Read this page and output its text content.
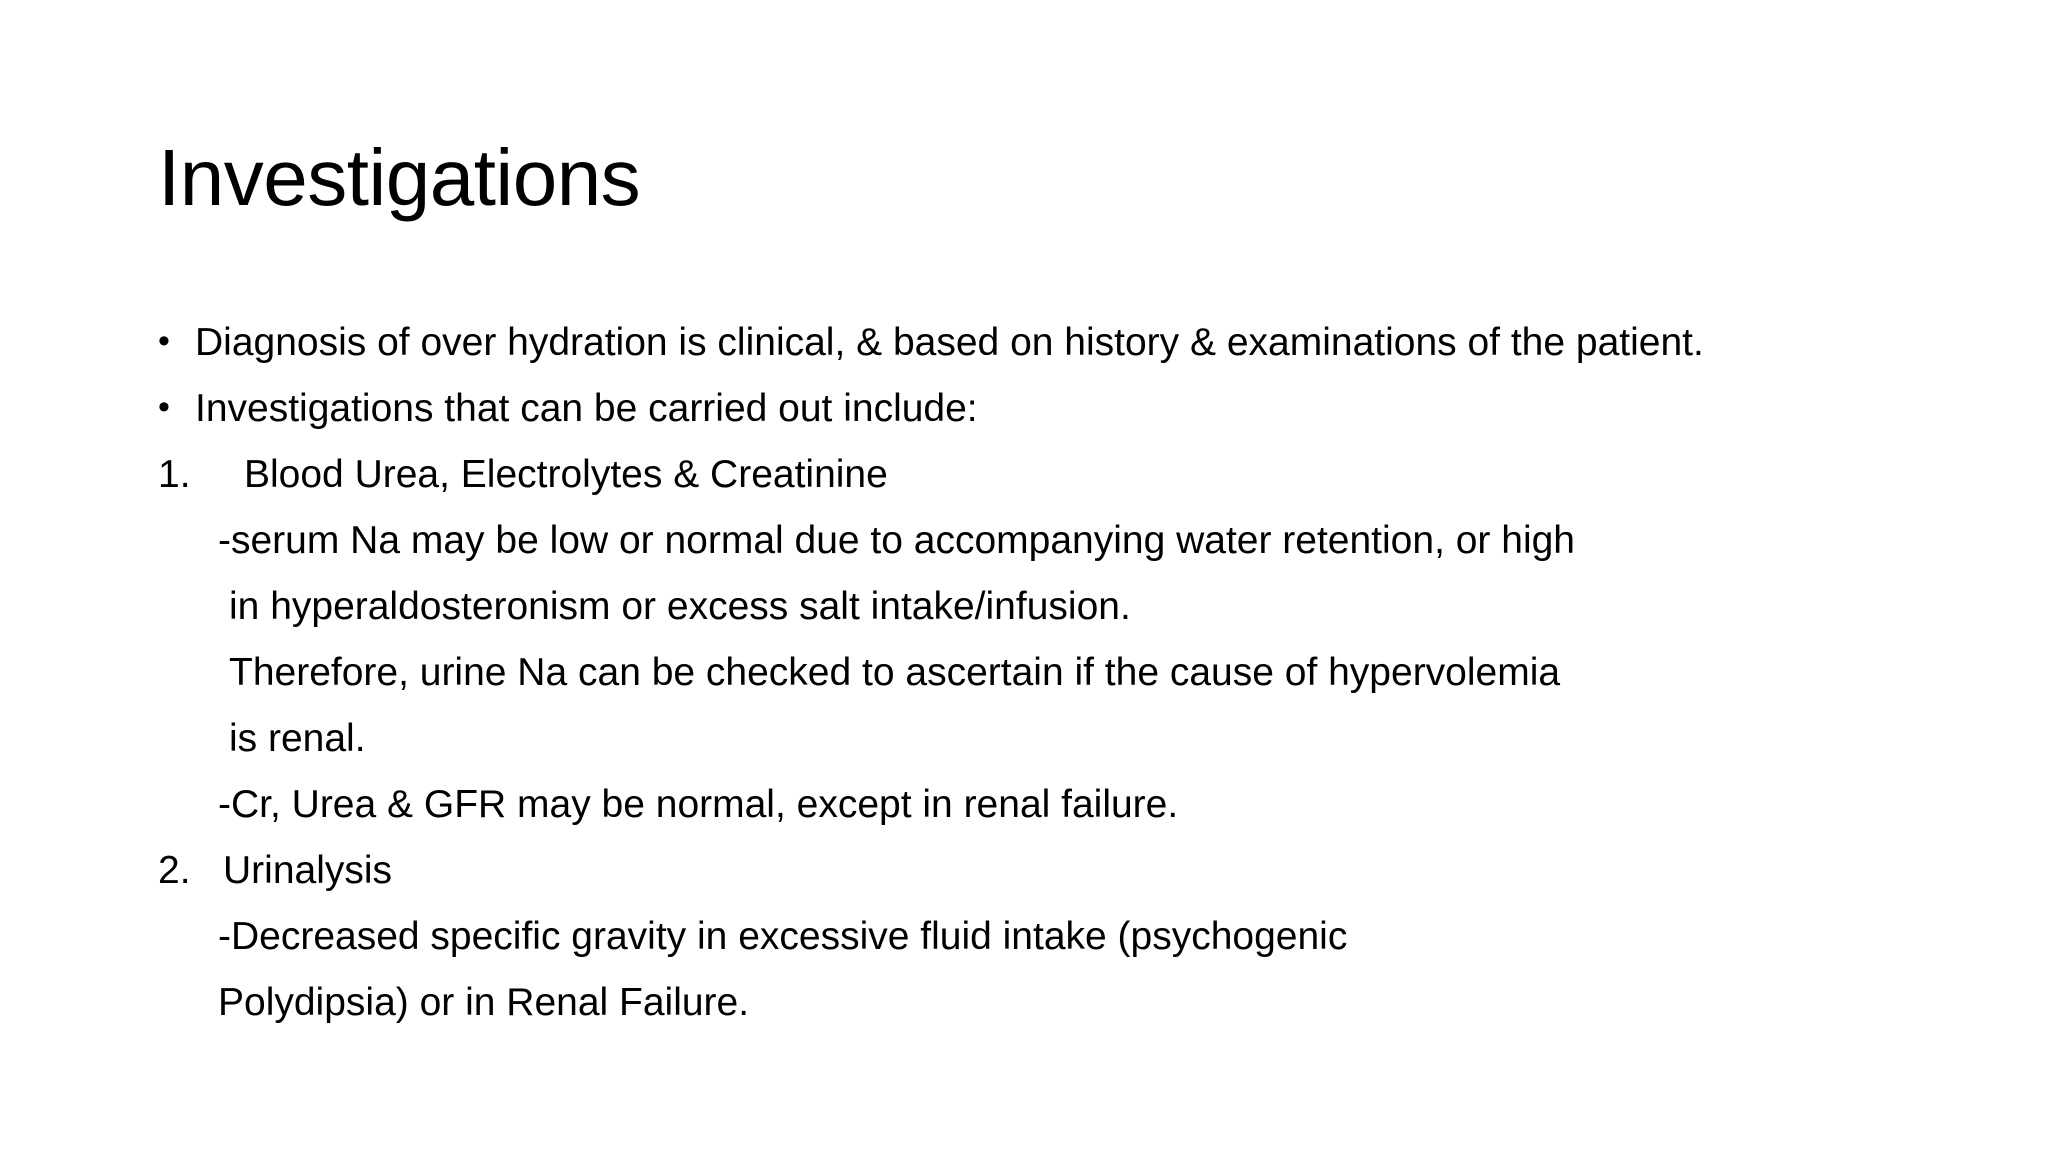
Investigations
• Diagnosis of over hydration is clinical, & based on history & examinations of the patient.
• Investigations that can be carried out include:
1. Blood Urea, Electrolytes & Creatinine
-serum Na may be low or normal due to accompanying water retention, or high
in hyperaldosteronism or excess salt intake/infusion.
Therefore, urine Na can be checked to ascertain if the cause of hypervolemia
is renal.
-Cr, Urea & GFR may be normal, except in renal failure.
2. Urinalysis
-Decreased specific gravity in excessive fluid intake (psychogenic
Polydipsia) or in Renal Failure.
